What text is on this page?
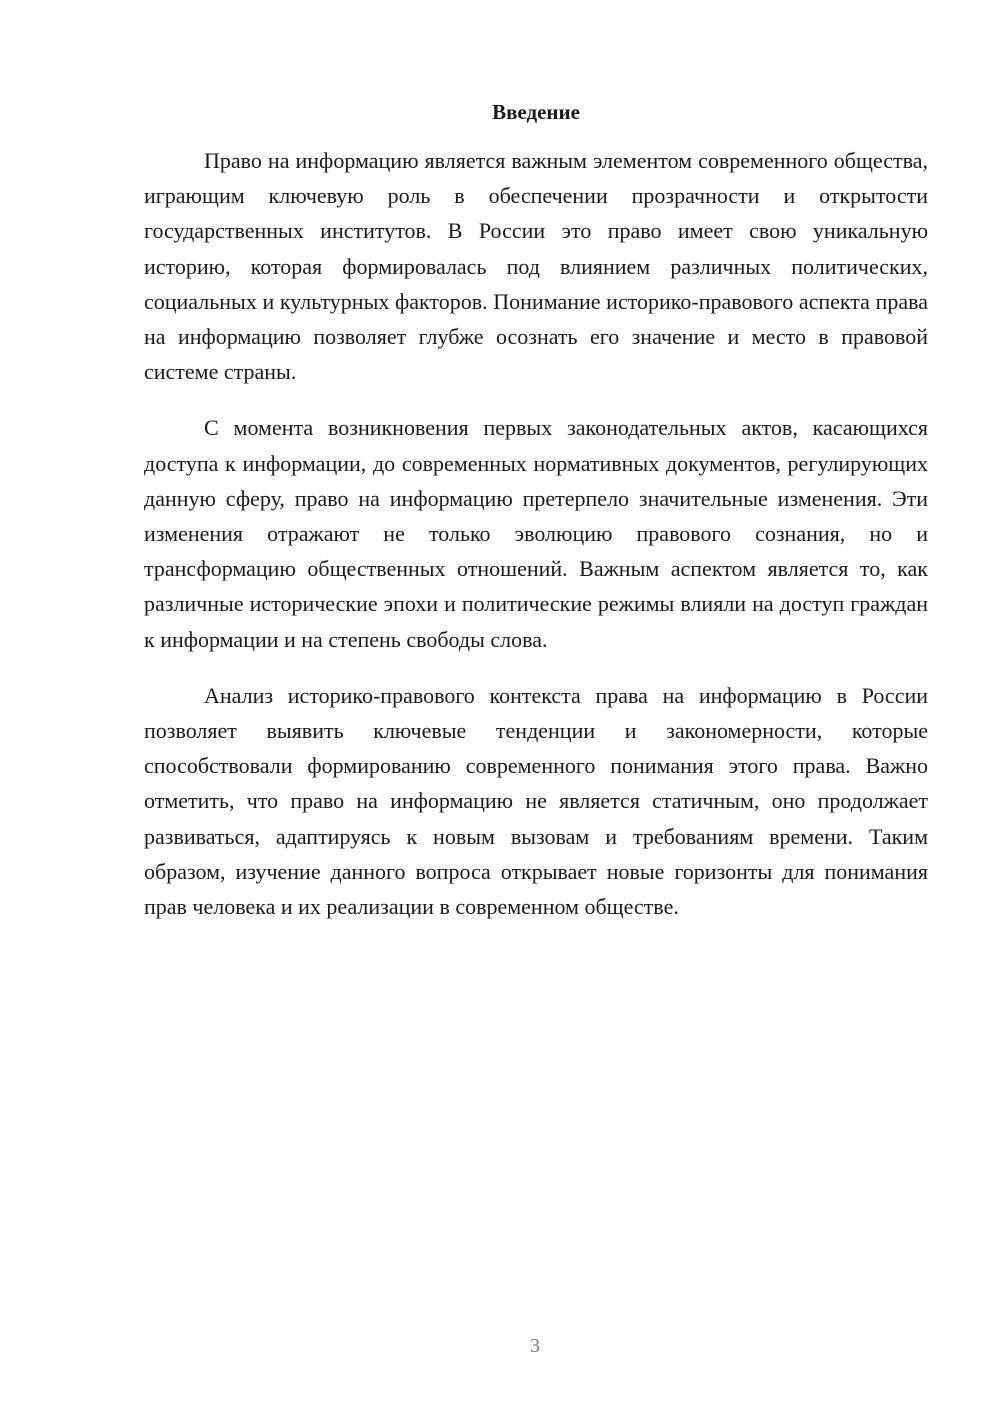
Введение

Право на информацию является важным элементом современного общества, играющим ключевую роль в обеспечении прозрачности и открытости государственных институтов. В России это право имеет свою уникальную историю, которая формировалась под влиянием различных политических, социальных и культурных факторов. Понимание историко-правового аспекта права на информацию позволяет глубже осознать его значение и место в правовой системе страны.

С момента возникновения первых законодательных актов, касающихся доступа к информации, до современных нормативных документов, регулирующих данную сферу, право на информацию претерпело значительные изменения. Эти изменения отражают не только эволюцию правового сознания, но и трансформацию общественных отношений. Важным аспектом является то, как различные исторические эпохи и политические режимы влияли на доступ граждан к информации и на степень свободы слова.

Анализ историко-правового контекста права на информацию в России позволяет выявить ключевые тенденции и закономерности, которые способствовали формированию современного понимания этого права. Важно отметить, что право на информацию не является статичным, оно продолжает развиваться, адаптируясь к новым вызовам и требованиям времени. Таким образом, изучение данного вопроса открывает новые горизонты для понимания прав человека и их реализации в современном обществе.

3
